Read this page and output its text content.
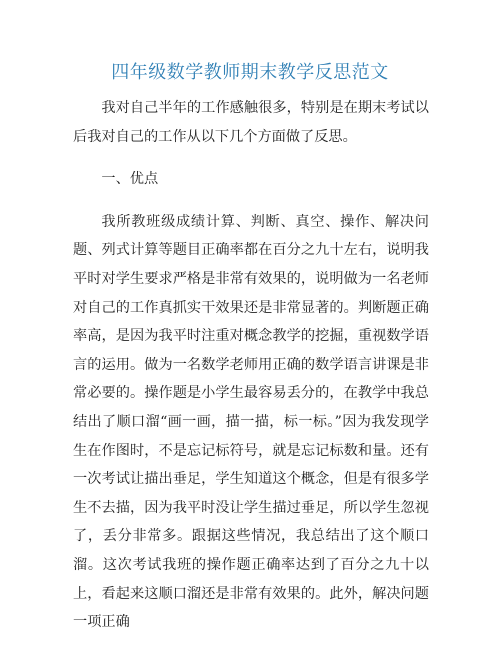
四年级数学教师期末教学反思范文

我对自己半年的工作感触很多，特别是在期末考试以后我对自己的工作从以下几个方面做了反思。

一、优点

我所教班级成绩计算、判断、真空、操作、解决问题、列式计算等题目正确率都在百分之九十左右，说明我平时对学生要求严格是非常有效果的，说明做为一名老师对自己的工作真抓实干效果还是非常显著的。判断题正确率高，是因为我平时注重对概念教学的挖掘，重视数学语言的运用。做为一名数学老师用正确的数学语言讲课是非常必要的。操作题是小学生最容易丢分的，在教学中我总结出了顺口溜“画一画，描一描，标一标。”因为我发现学生在作图时，不是忘记标符号，就是忘记标数和量。还有一次考试让描出垂足，学生知道这个概念，但是有很多学生不去描，因为我平时没让学生描过垂足，所以学生忽视了，丢分非常多。跟据这些情况，我总结出了这个顺口溜。这次考试我班的操作题正确率达到了百分之九十以上，看起来这顺口溜还是非常有效果的。此外，解决问题一项正确
